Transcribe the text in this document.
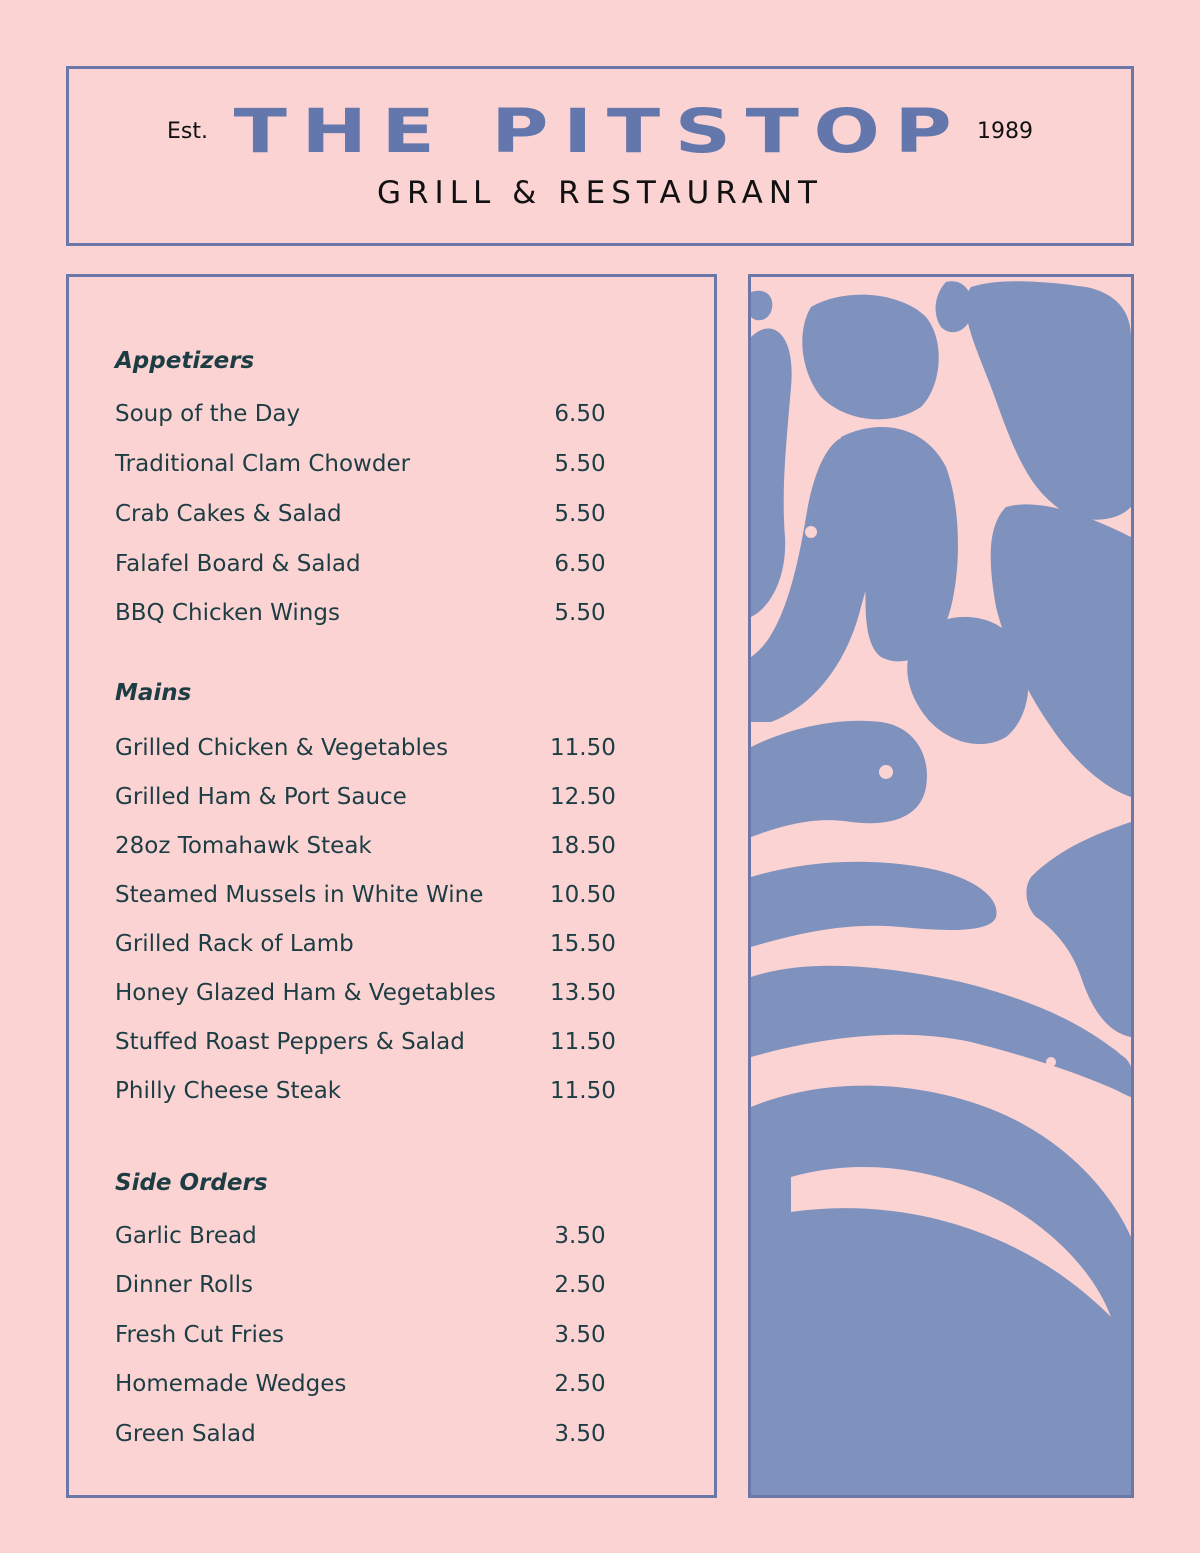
Est. THE PITSTOP 1989
GRILL & RESTAURANT
Appetizers
Soup of the Day	6.50
Traditional Clam Chowder	5.50
Crab Cakes & Salad	5.50
Falafel Board & Salad	6.50
BBQ Chicken Wings	5.50
Mains
Grilled Chicken & Vegetables	11.50
Grilled Ham & Port Sauce	12.50
28oz Tomahawk Steak	18.50
Steamed Mussels in White Wine	10.50
Grilled Rack of Lamb	15.50
Honey Glazed Ham & Vegetables 13.50
Stuffed Roast Peppers & Salad	11.50
Philly Cheese Steak	11.50
Side Orders
Garlic Bread	3.50
Dinner Rolls	2.50
Fresh Cut Fries	3.50
Homemade Wedges	2.50
Green Salad	3.50
